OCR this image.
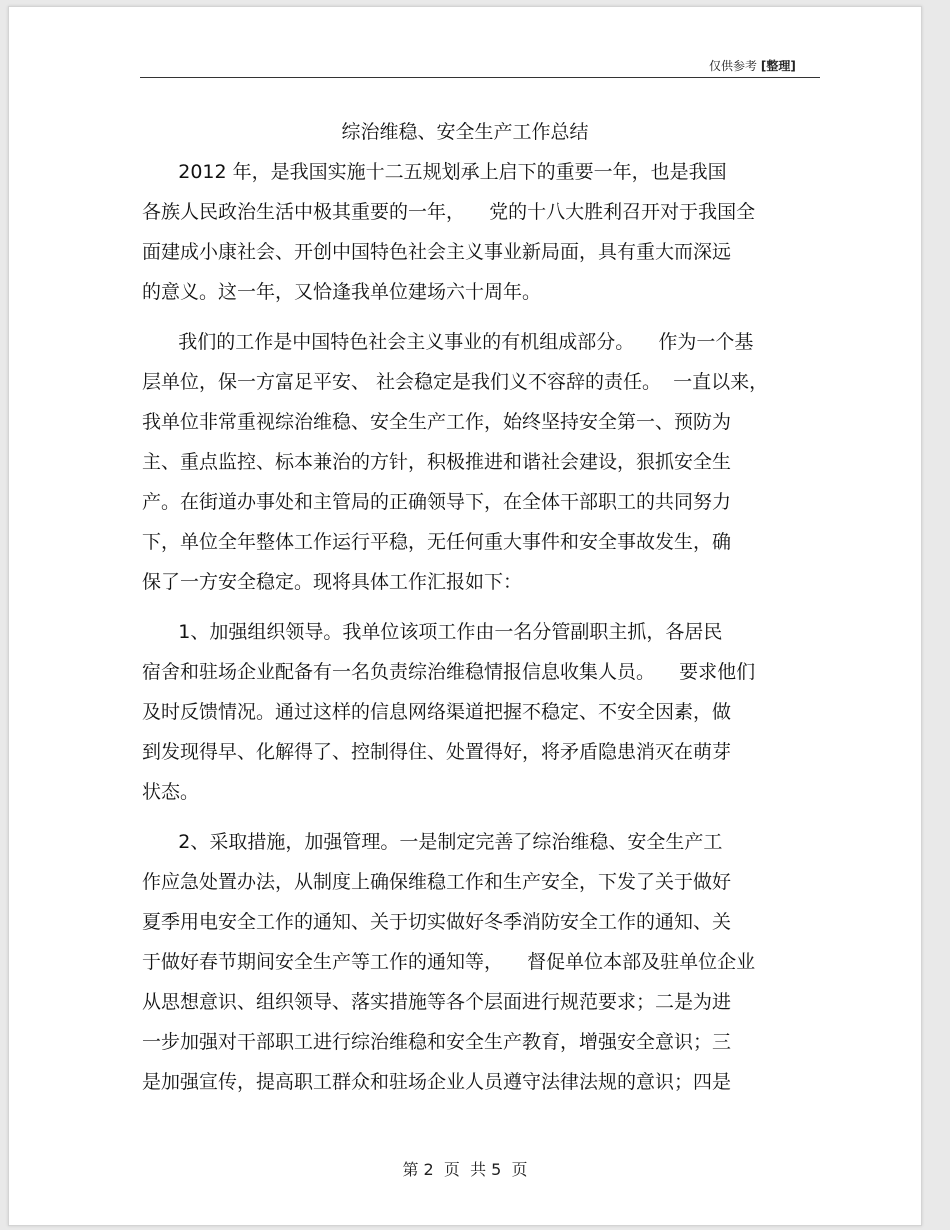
仅供参考 [整理]
综治维稳、安全生产工作总结
2012 年，是我国实施十二五规划承上启下的重要一年，也是我国
各族人民政治生活中极其重要的一年，    党的十八大胜利召开对于我国全
面建成小康社会、开创中国特色社会主义事业新局面，具有重大而深远
的意义。这一年，又恰逢我单位建场六十周年。
我们的工作是中国特色社会主义事业的有机组成部分。    作为一个基
层单位，保一方富足平安、 社会稳定是我们义不容辞的责任。  一直以来，
我单位非常重视综治维稳、安全生产工作，始终坚持安全第一、预防为
主、重点监控、标本兼治的方针，积极推进和谐社会建设，狠抓安全生
产。在街道办事处和主管局的正确领导下，在全体干部职工的共同努力
下，单位全年整体工作运行平稳，无任何重大事件和安全事故发生，确
保了一方安全稳定。现将具体工作汇报如下：
1、加强组织领导。我单位该项工作由一名分管副职主抓，各居民
宿舍和驻场企业配备有一名负责综治维稳情报信息收集人员。    要求他们
及时反馈情况。通过这样的信息网络渠道把握不稳定、不安全因素，做
到发现得早、化解得了、控制得住、处置得好，将矛盾隐患消灭在萌芽
状态。
2、采取措施，加强管理。一是制定完善了综治维稳、安全生产工
作应急处置办法，从制度上确保维稳工作和生产安全，下发了关于做好
夏季用电安全工作的通知、关于切实做好冬季消防安全工作的通知、关
于做好春节期间安全生产等工作的通知等，    督促单位本部及驻单位企业
从思想意识、组织领导、落实措施等各个层面进行规范要求；二是为进
一步加强对干部职工进行综治维稳和安全生产教育，增强安全意识；三
是加强宣传，提高职工群众和驻场企业人员遵守法律法规的意识；四是
第 2  页  共 5  页
